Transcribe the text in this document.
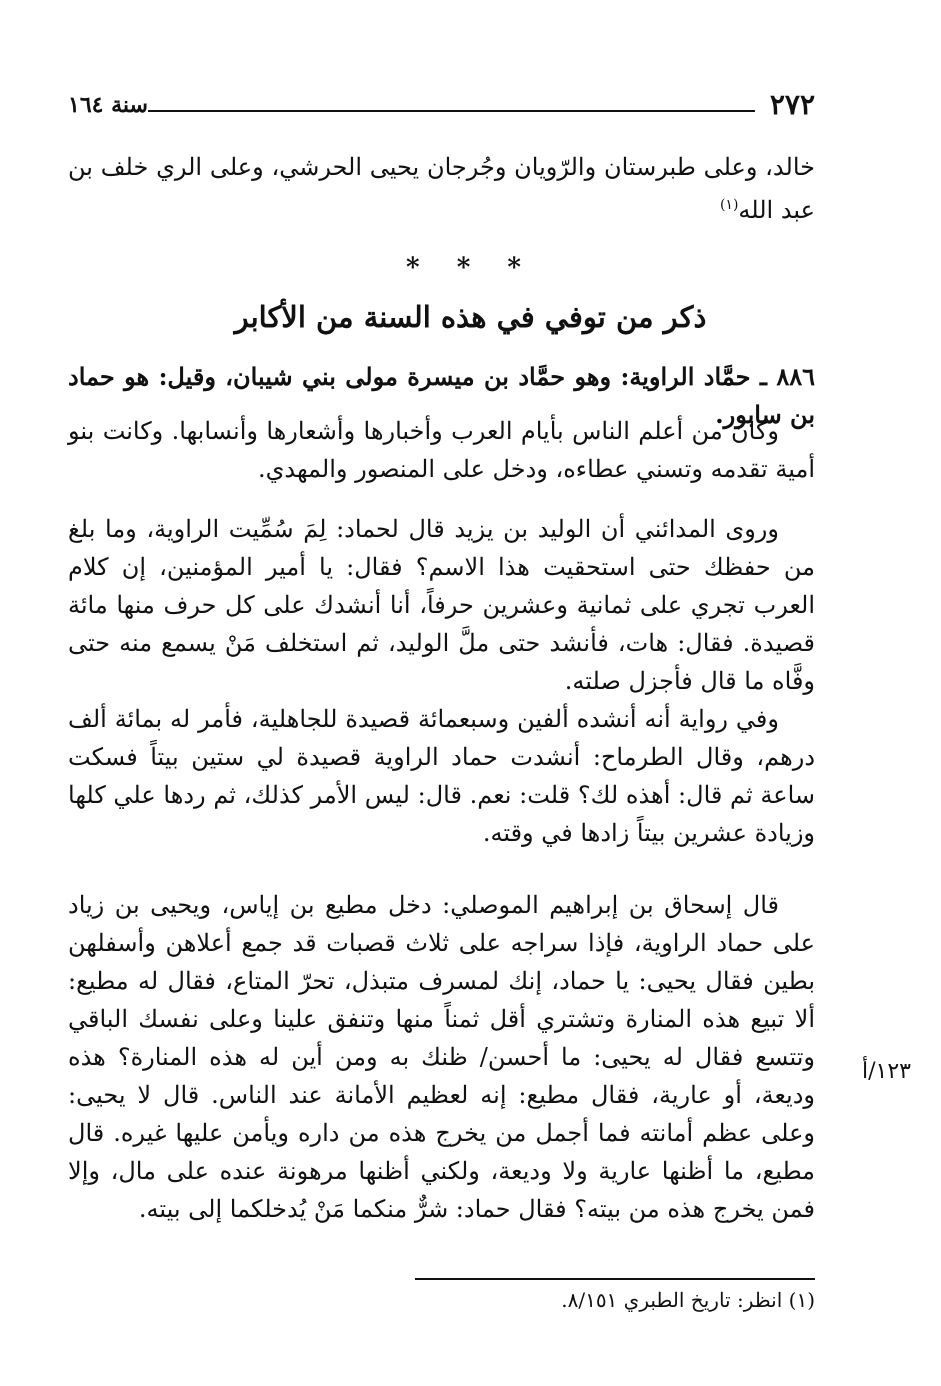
٢٧٢
سنة ١٦٤
خالد، وعلى طبرستان والرّويان وجُرجان يحيى الحرشي، وعلى الري خلف بن عبد الله$^{(١)}$
* * *
ذكر من توفي في هذه السنة من الأكابر
٨٨٦ ـ حمَّاد الراوية: وهو حمَّاد بن ميسرة مولى بني شيبان، وقيل: هو حماد بن سابور.

وكان من أعلم الناس بأيام العرب وأخبارها وأشعارها وأنسابها. وكانت بنو أمية تقدمه وتسني عطاءه، ودخل على المنصور والمهدي.

وروى المدائني أن الوليد بن يزيد قال لحماد: لِمَ سُمِّيت الراوية، وما بلغ من حفظك حتى استحقيت هذا الاسم؟ فقال: يا أمير المؤمنين، إن كلام العرب تجري على ثمانية وعشرين حرفاً، أنا أنشدك على كل حرف منها مائة قصيدة. فقال: هات، فأنشد حتى ملَّ الوليد، ثم استخلف مَنْ يسمع منه حتى وفَّاه ما قال فأجزل صلته.

وفي رواية أنه أنشده ألفين وسبعمائة قصيدة للجاهلية، فأمر له بمائة ألف درهم، وقال الطرماح: أنشدت حماد الراوية قصيدة لي ستين بيتاً فسكت ساعة ثم قال: أهذه لك؟ قلت: نعم. قال: ليس الأمر كذلك، ثم ردها علي كلها وزيادة عشرين بيتاً زادها في وقته.

قال إسحاق بن إبراهيم الموصلي: دخل مطيع بن إياس، ويحيى بن زياد على حماد الراوية، فإذا سراجه على ثلاث قصبات قد جمع أعلاهن وأسفلهن بطين فقال يحيى: يا حماد، إنك لمسرف متبذل، تحرّ المتاع، فقال له مطيع: ألا تبيع هذه المنارة وتشتري أقل ثمناً منها وتنفق علينا وعلى نفسك الباقي وتتسع فقال له يحيى: ما أحسن/ ظنك به ومن أين له هذه المنارة؟ هذه وديعة، أو عارية، فقال مطيع: إنه لعظيم الأمانة عند الناس. قال لا يحيى: وعلى عظم أمانته فما أجمل من يخرج هذه من داره ويأمن عليها غيره. قال مطيع، ما أظنها عارية ولا وديعة، ولكني أظنها مرهونة عنده على مال، وإلا فمن يخرج هذه من بيته؟ فقال حماد: شرٌّ منكما مَنْ يُدخلكما إلى بيته.

١٢٣/أ
(١) انظر: تاريخ الطبري ٨/١٥١.
